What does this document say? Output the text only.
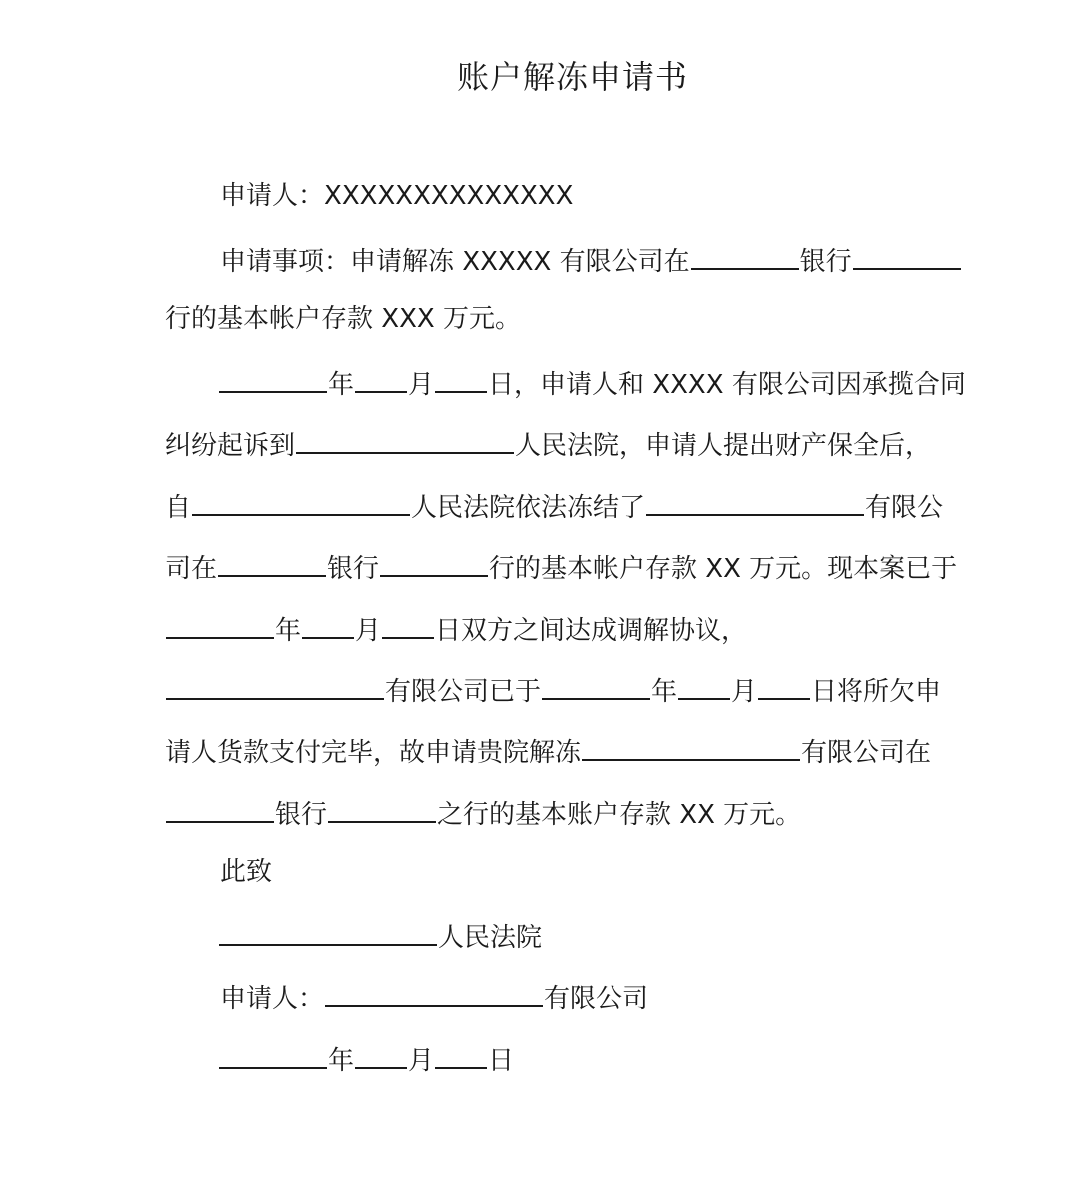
账户解冻申请书
申请人：XXXXXXXXXXXXXX
申请事项：申请解冻 XXXXX 有限公司在	银行
行的基本帐户存款 XXX 万元。
年 月 日，申请人和 XXXX 有限公司因承揽合同
纠纷起诉到	人民法院，申请人提出财产保全后，
自	人民法院依法冻结了	有限公
司在	银行	行的基本帐户存款 XX 万元。现本案已于
年 月 日双方之间达成调解协议，
有限公司已于	年 月 日将所欠申
请人货款支付完毕，故申请贵院解冻	有限公司在
银行	之行的基本账户存款 XX 万元。
此致
人民法院
申请人：	有限公司
年 月 日
